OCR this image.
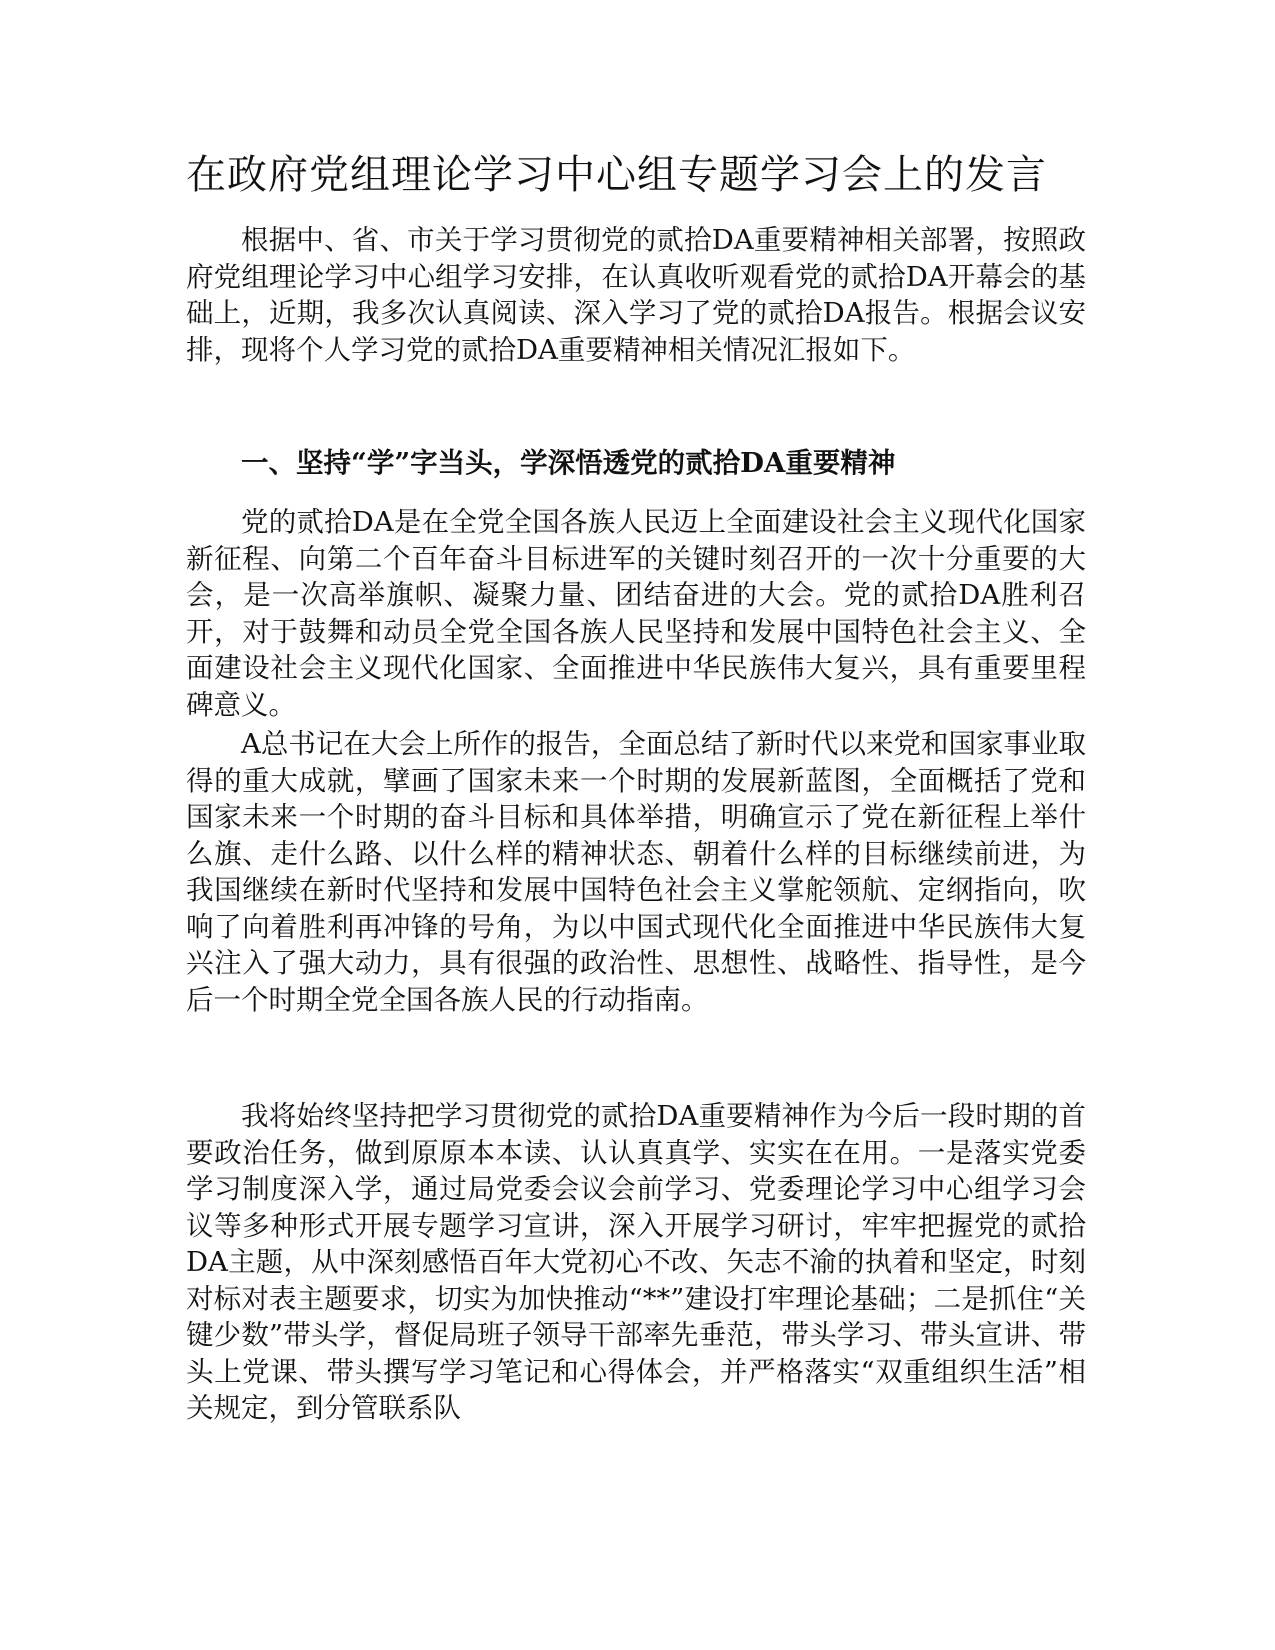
在政府党组理论学习中心组专题学习会上的发言

根据中、省、市关于学习贯彻党的贰拾DA重要精神相关部署，按照政府党组理论学习中心组学习安排，在认真收听观看党的贰拾DA开幕会的基础上，近期，我多次认真阅读、深入学习了党的贰拾DA报告。根据会议安排，现将个人学习党的贰拾DA重要精神相关情况汇报如下。

一、坚持“学”字当头，学深悟透党的贰拾DA重要精神

党的贰拾DA是在全党全国各族人民迈上全面建设社会主义现代化国家新征程、向第二个百年奋斗目标进军的关键时刻召开的一次十分重要的大会，是一次高举旗帜、凝聚力量、团结奋进的大会。党的贰拾DA胜利召开，对于鼓舞和动员全党全国各族人民坚持和发展中国特色社会主义、全面建设社会主义现代化国家、全面推进中华民族伟大复兴，具有重要里程碑意义。

A总书记在大会上所作的报告，全面总结了新时代以来党和国家事业取得的重大成就，擘画了国家未来一个时期的发展新蓝图，全面概括了党和国家未来一个时期的奋斗目标和具体举措，明确宣示了党在新征程上举什么旗、走什么路、以什么样的精神状态、朝着什么样的目标继续前进，为我国继续在新时代坚持和发展中国特色社会主义掌舵领航、定纲指向，吹响了向着胜利再冲锋的号角，为以中国式现代化全面推进中华民族伟大复兴注入了强大动力，具有很强的政治性、思想性、战略性、指导性，是今后一个时期全党全国各族人民的行动指南。

我将始终坚持把学习贯彻党的贰拾DA重要精神作为今后一段时期的首要政治任务，做到原原本本读、认认真真学、实实在在用。一是落实党委学习制度深入学，通过局党委会议会前学习、党委理论学习中心组学习会议等多种形式开展专题学习宣讲，深入开展学习研讨，牢牢把握党的贰拾DA主题，从中深刻感悟百年大党初心不改、矢志不渝的执着和坚定，时刻对标对表主题要求，切实为加快推动“**”建设打牢理论基础；二是抓住“关键少数”带头学，督促局班子领导干部率先垂范，带头学习、带头宣讲、带头上党课、带头撰写学习笔记和心得体会，并严格落实“双重组织生活”相关规定，到分管联系队
